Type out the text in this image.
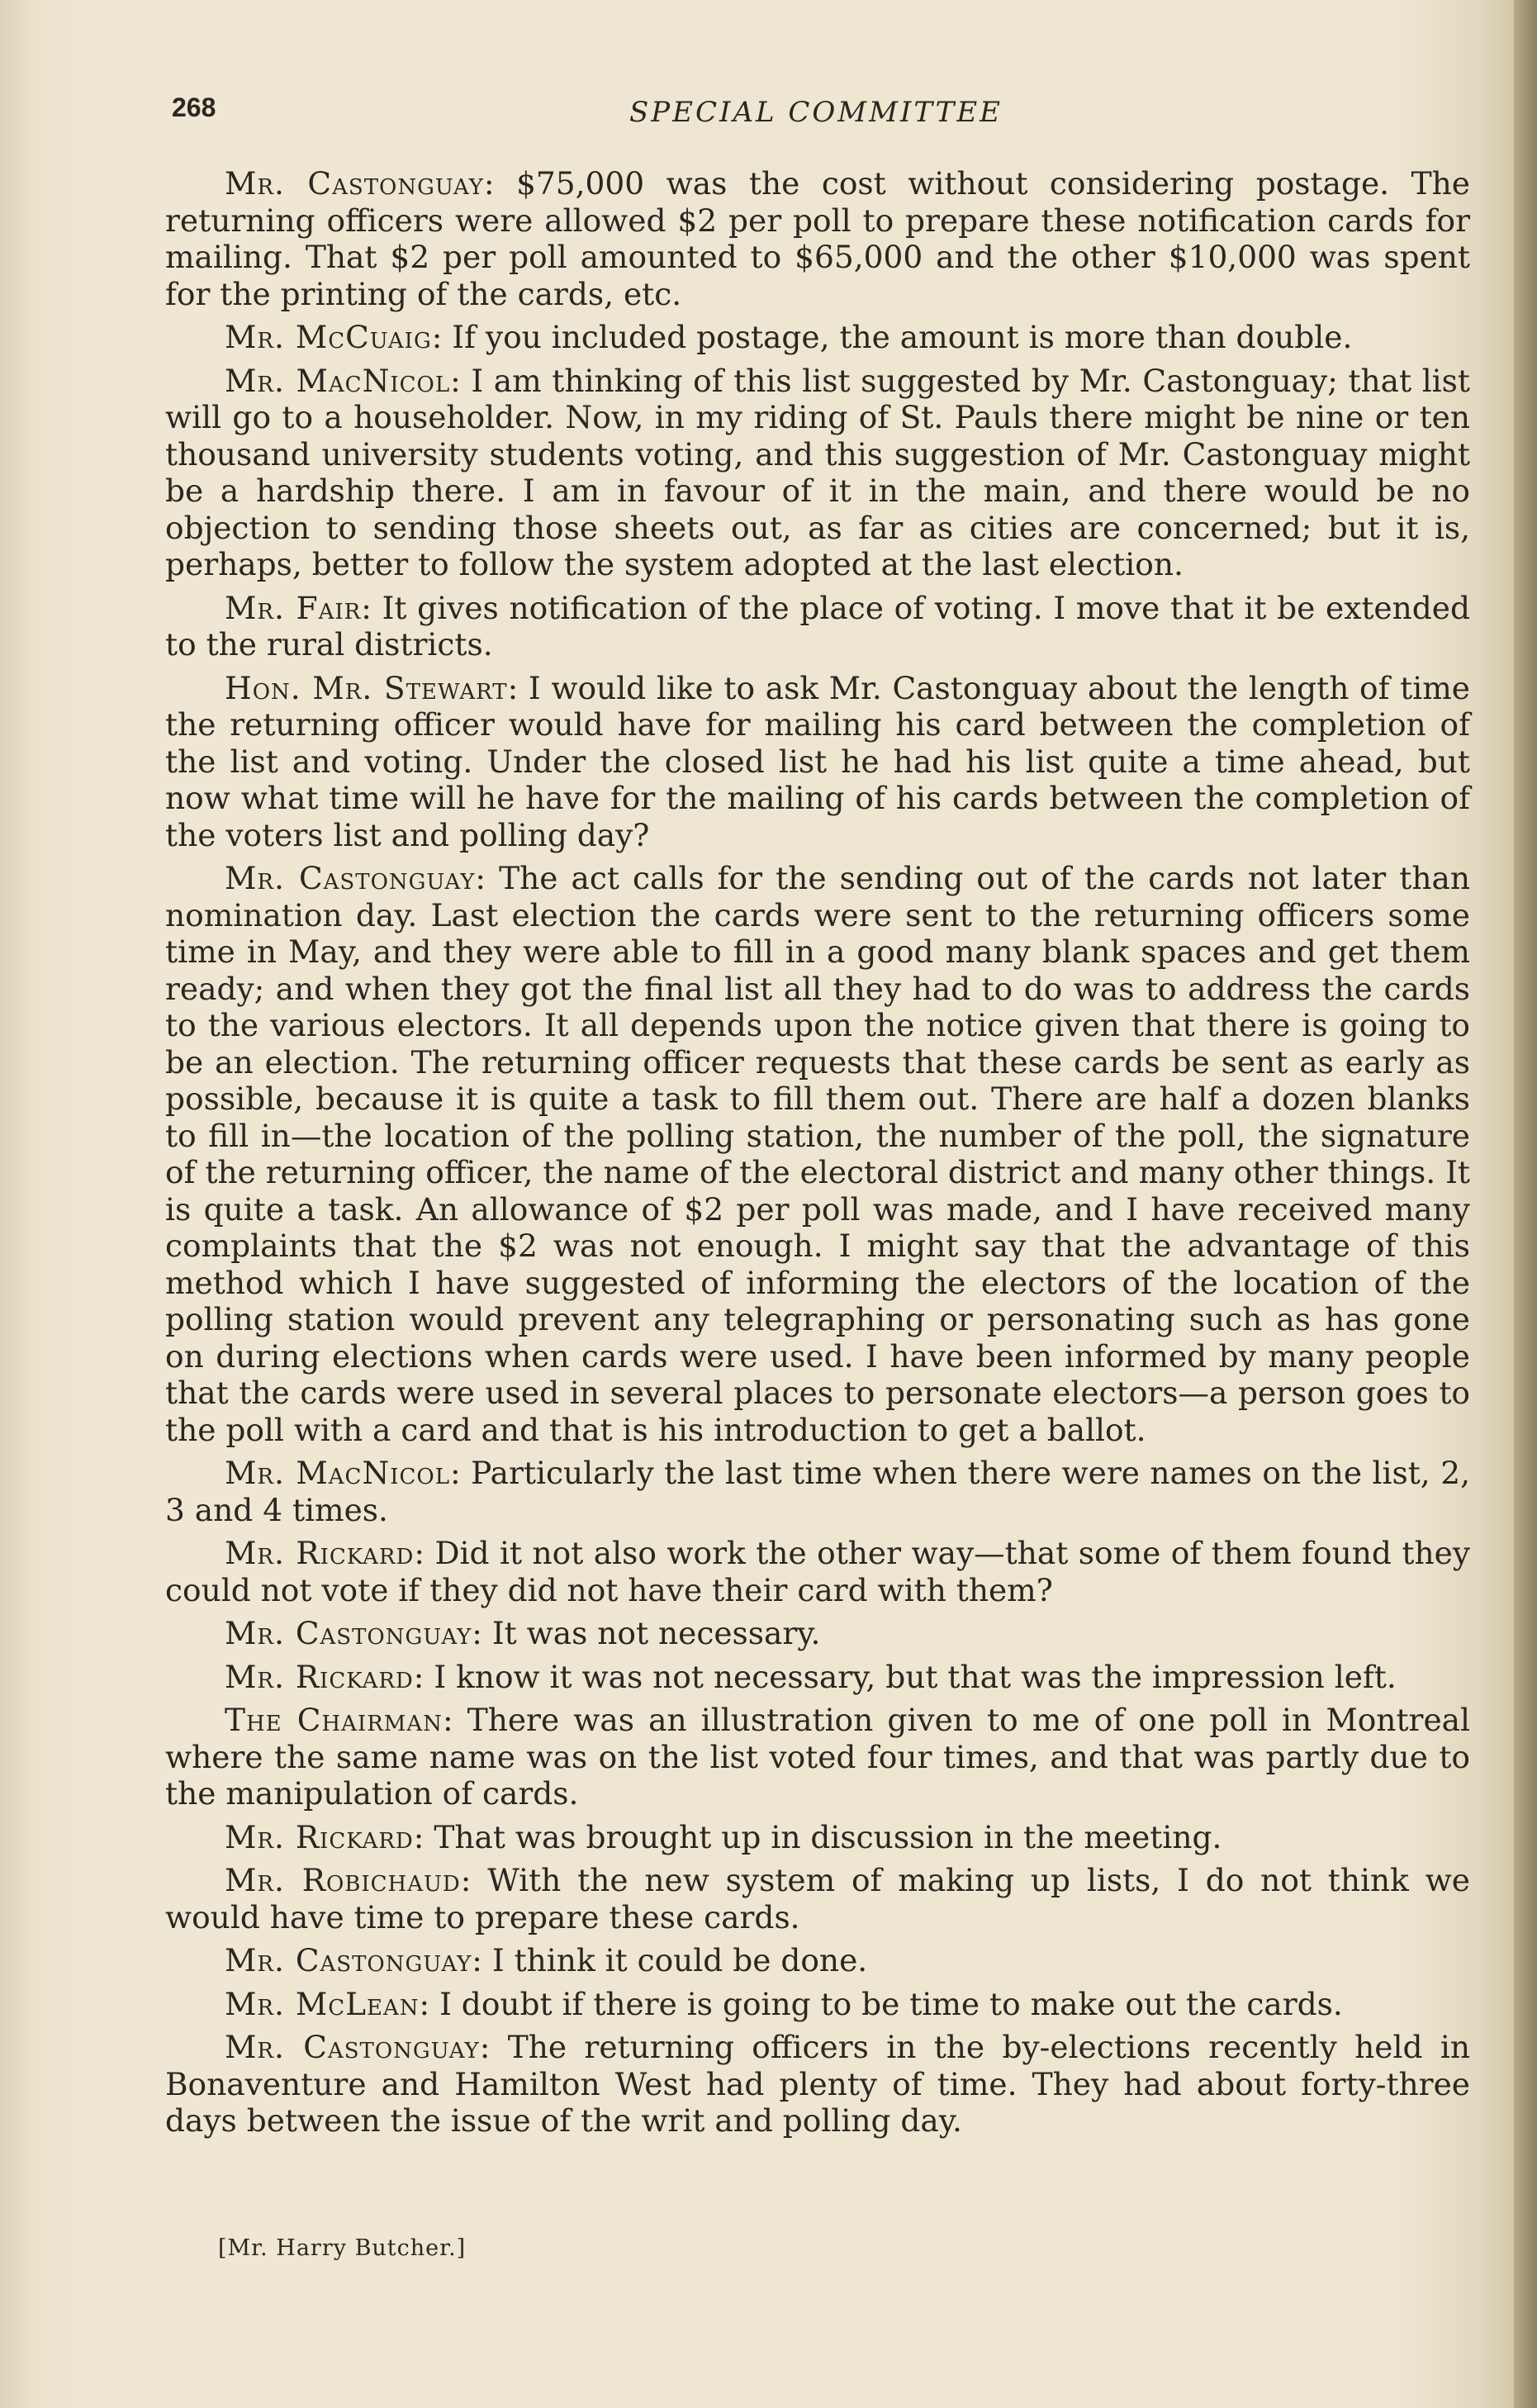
268	SPECIAL COMMITTEE

Mr. Castonguay: $75,000 was the cost without considering postage. The returning officers were allowed $2 per poll to prepare these notification cards for mailing. That $2 per poll amounted to $65,000 and the other $10,000 was spent for the printing of the cards, etc.

Mr. McCuaig: If you included postage, the amount is more than double.

Mr. MacNicol: I am thinking of this list suggested by Mr. Castonguay; that list will go to a householder. Now, in my riding of St. Pauls there might be nine or ten thousand university students voting, and this suggestion of Mr. Castonguay might be a hardship there. I am in favour of it in the main, and there would be no objection to sending those sheets out, as far as cities are concerned; but it is, perhaps, better to follow the system adopted at the last election.

Mr. Fair: It gives notification of the place of voting. I move that it be extended to the rural districts.

Hon. Mr. Stewart: I would like to ask Mr. Castonguay about the length of time the returning officer would have for mailing his card between the completion of the list and voting. Under the closed list he had his list quite a time ahead, but now what time will he have for the mailing of his cards between the completion of the voters list and polling day?

Mr. Castonguay: The act calls for the sending out of the cards not later than nomination day. Last election the cards were sent to the returning officers some time in May, and they were able to fill in a good many blank spaces and get them ready; and when they got the final list all they had to do was to address the cards to the various electors. It all depends upon the notice given that there is going to be an election. The returning officer requests that these cards be sent as early as possible, because it is quite a task to fill them out. There are half a dozen blanks to fill in—the location of the polling station, the number of the poll, the signature of the returning officer, the name of the electoral district and many other things. It is quite a task. An allowance of $2 per poll was made, and I have received many complaints that the $2 was not enough. I might say that the advantage of this method which I have suggested of informing the electors of the location of the polling station would prevent any telegraphing or personating such as has gone on during elections when cards were used. I have been informed by many people that the cards were used in several places to personate electors—a person goes to the poll with a card and that is his introduction to get a ballot.

Mr. MacNicol: Particularly the last time when there were names on the list, 2, 3 and 4 times.

Mr. Rickard: Did it not also work the other way—that some of them found they could not vote if they did not have their card with them?

Mr. Castonguay: It was not necessary.

Mr. Rickard: I know it was not necessary, but that was the impression left.

The Chairman: There was an illustration given to me of one poll in Montreal where the same name was on the list voted four times, and that was partly due to the manipulation of cards.

Mr. Rickard: That was brought up in discussion in the meeting.

Mr. Robichaud: With the new system of making up lists, I do not think we would have time to prepare these cards.

Mr. Castonguay: I think it could be done.

Mr. McLean: I doubt if there is going to be time to make out the cards.

Mr. Castonguay: The returning officers in the by-elections recently held in Bonaventure and Hamilton West had plenty of time. They had about forty-three days between the issue of the writ and polling day.

[Mr. Harry Butcher.]
